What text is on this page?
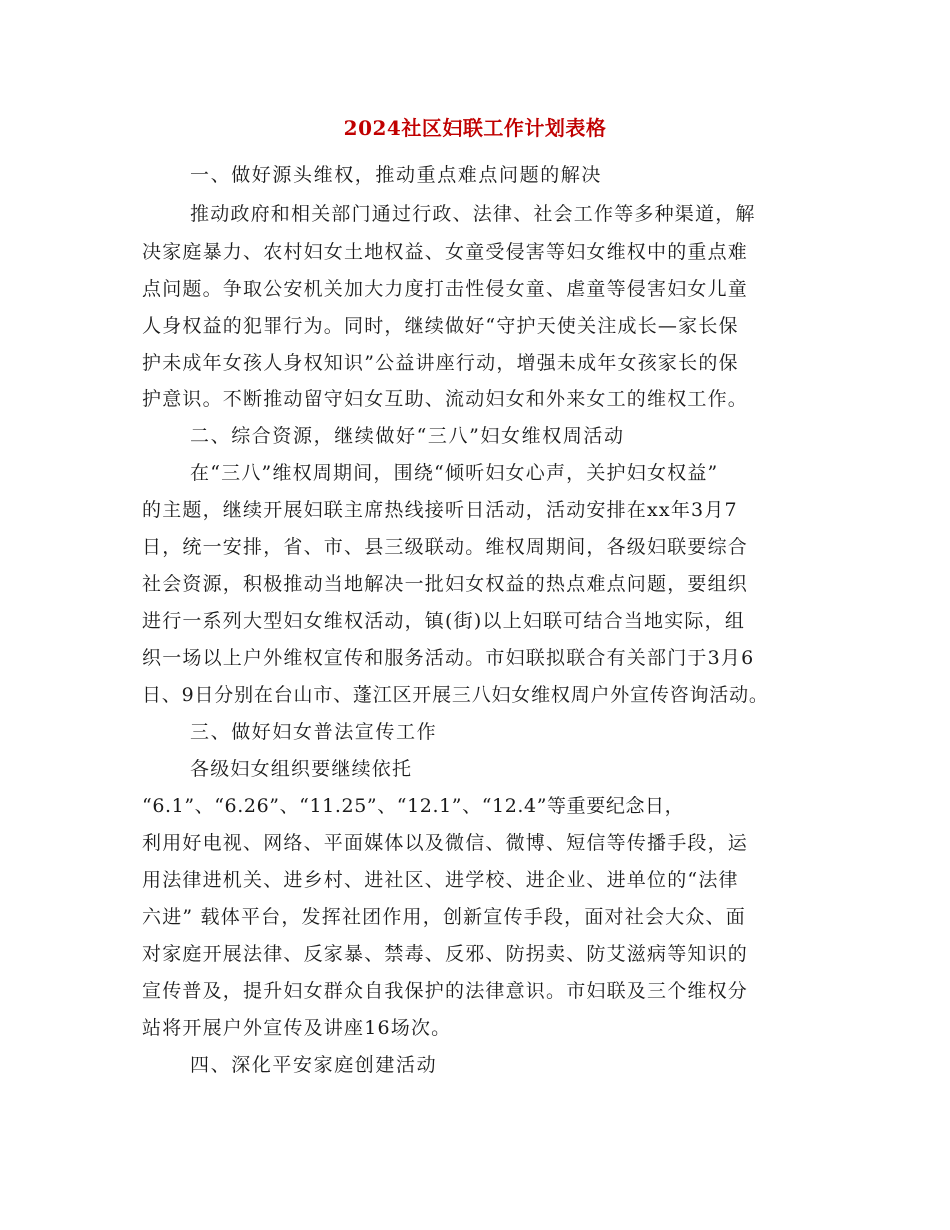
2024社区妇联工作计划表格
一、做好源头维权，推动重点难点问题的解决
推动政府和相关部门通过行政、法律、社会工作等多种渠道，解
决家庭暴力、农村妇女土地权益、女童受侵害等妇女维权中的重点难
点问题。争取公安机关加大力度打击性侵女童、虐童等侵害妇女儿童
人身权益的犯罪行为。同时，继续做好“守护天使关注成长—家长保
护未成年女孩人身权知识”公益讲座行动，增强未成年女孩家长的保
护意识。不断推动留守妇女互助、流动妇女和外来女工的维权工作。
二、综合资源，继续做好“三八”妇女维权周活动
在“三八”维权周期间，围绕“倾听妇女心声，关护妇女权益”
的主题，继续开展妇联主席热线接听日活动，活动安排在xx年3月7
日，统一安排，省、市、县三级联动。维权周期间，各级妇联要综合
社会资源，积极推动当地解决一批妇女权益的热点难点问题，要组织
进行一系列大型妇女维权活动，镇(街)以上妇联可结合当地实际，组
织一场以上户外维权宣传和服务活动。市妇联拟联合有关部门于3月6
日、9日分别在台山市、蓬江区开展三八妇女维权周户外宣传咨询活动。
三、做好妇女普法宣传工作
各级妇女组织要继续依托
“6.1”、“6.26”、“11.25”、“12.1”、“12.4”等重要纪念日，
利用好电视、网络、平面媒体以及微信、微博、短信等传播手段，运
用法律进机关、进乡村、进社区、进学校、进企业、进单位的“法律
六进” 载体平台，发挥社团作用，创新宣传手段，面对社会大众、面
对家庭开展法律、反家暴、禁毒、反邪、防拐卖、防艾滋病等知识的
宣传普及，提升妇女群众自我保护的法律意识。市妇联及三个维权分
站将开展户外宣传及讲座16场次。
四、深化平安家庭创建活动
